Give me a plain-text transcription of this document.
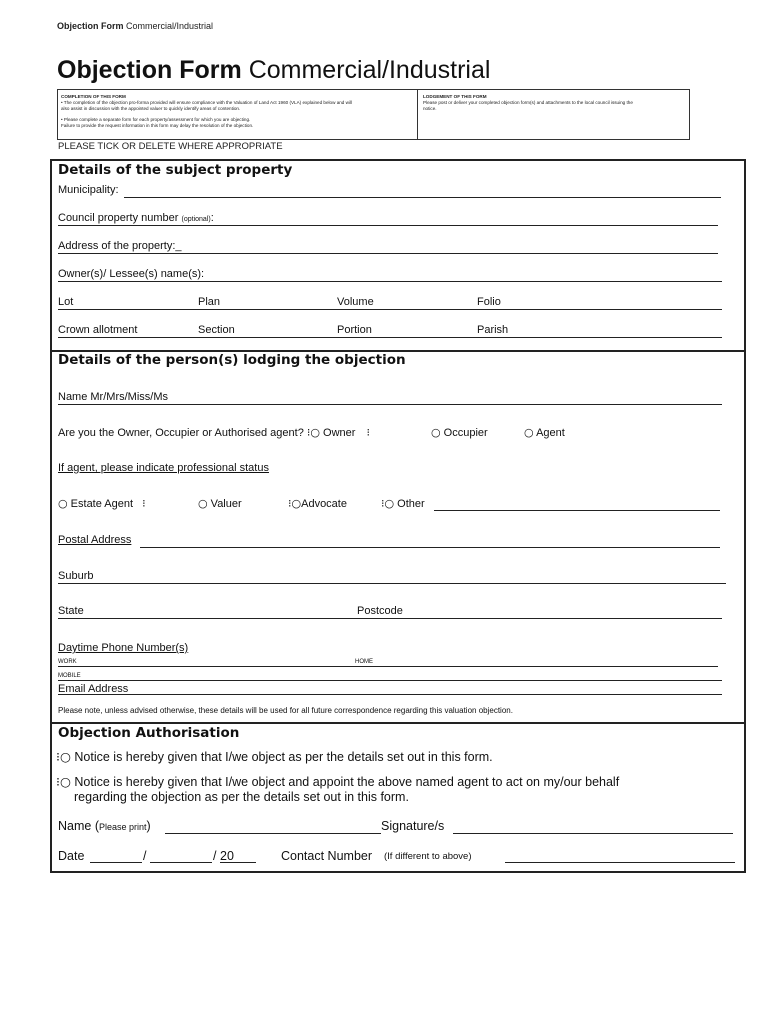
Objection Form Commercial/Industrial
Objection Form Commercial/Industrial
COMPLETION OF THIS FORM
• The completion of the objection pro-forma provided will ensure compliance with the Valuation of Land Act 1960 (VLA) explained below and will
also assist in discussion with the appointed valuer to quickly identify areas of contention.
• Please complete a separate form for each property/assessment for which you are objecting.
Failure to provide the request information in this form may delay the resolution of the objection.
LODGEMENT OF THIS FORM
Please post or deliver your completed objection form(s) and attachments to the local council issuing the
notice.
PLEASE TICK OR DELETE WHERE APPROPRIATE
Details of the subject property
Municipality:
Council property number (optional):
Address of the property:_
Owner(s)/ Lessee(s) name(s):
Lot	Plan	Volume	Folio
Crown allotment	Section	Portion	Parish
Details of the person(s) lodging the objection
Name Mr/Mrs/Miss/Ms
Are you the Owner, Occupier or Authorised agent? ⁝○ Owner ⁝	○ Occupier	○ Agent
If agent, please indicate professional status
○ Estate Agent ⁝	○ Valuer	⁝○Advocate	⁝○ Other
Postal Address
Suburb
State	Postcode
Daytime Phone Number(s)
WORK	HOME
MOBILE
Email Address
Please note, unless advised otherwise, these details will be used for all future correspondence regarding this valuation objection.
Objection Authorisation
⁝○ Notice is hereby given that I/we object as per the details set out in this form.
⁝○ Notice is hereby given that I/we object and appoint the above named agent to act on my/our behalf
regarding the objection as per the details set out in this form.
Name (Please print)	Signature/s
Date	/	/ 20	Contact Number (If different to above)
